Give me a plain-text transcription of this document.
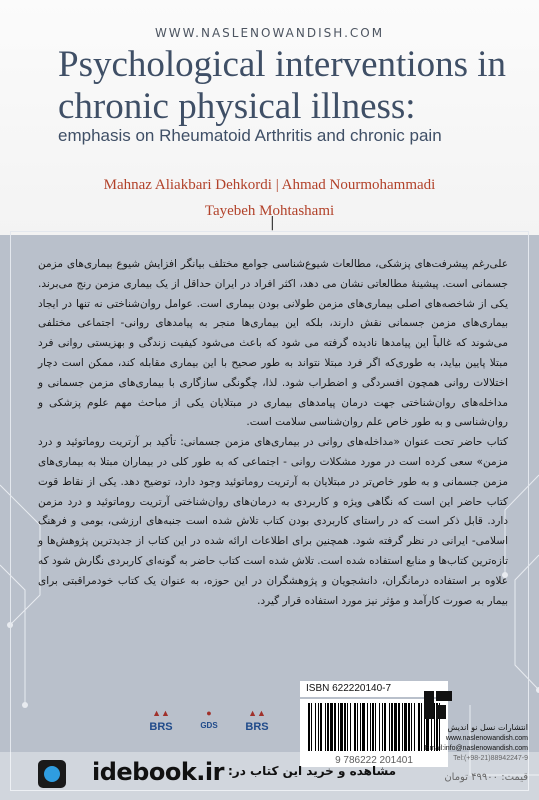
WWW.NASLENOWANDISH.COM
Psychological interventions in chronic physical illness:
emphasis on Rheumatoid Arthritis and chronic pain
Mahnaz Aliakbari Dehkordi | Ahmad Nourmohammadi
Tayebeh Mohtashami
|

علی‌رغم پیشرفت‌های پزشکی، مطالعات شیوع‌شناسی جوامع مختلف بیانگر افزایش شیوع بیماری‌های مزمن جسمانی است. پیشینهٔ مطالعاتی نشان می دهد، اکثر افراد در ایران حداقل از یک بیماری مزمن رنج می‌برند. یکی از شاخصه‌های اصلی بیماری‌های مزمن طولانی بودن بیماری است. عوامل روان‌شناختی نه تنها در ایجاد بیماری‌های مزمن جسمانی نقش دارند، بلکه این بیماری‌ها منجر به پیامدهای روانی- اجتماعی مختلفی می‌شوند که غالباً این پیامدها نادیده گرفته می شود که باعث می‌شود کیفیت زندگی و بهزیستی روانی فرد مبتلا پایین بیاید، به طوری‌که اگر فرد مبتلا نتواند به طور صحیح با این بیماری مقابله کند، ممکن است دچار اختلالات روانی همچون افسردگی و اضطراب شود. لذا، چگونگی سازگاری با بیماری‌های مزمن جسمانی و مداخله‌های روان‌شناختی جهت درمان پیامدهای بیماری در مبتلایان یکی از مباحث مهم علوم پزشکی و روان‌شناسی و به طور خاص علم روان‌شناسی سلامت است.

کتاب حاضر تحت عنوان «مداخله‌های روانی در بیماری‌های مزمن جسمانی: تأکید بر آرتریت روماتوئید و درد مزمن» سعی کرده است در مورد مشکلات روانی - اجتماعی که به طور کلی در بیماران مبتلا به بیماری‌های مزمن جسمانی و به طور خاص‌تر در مبتلایان به آرتریت روماتوئید وجود دارد، توضیح دهد. یکی از نقاط قوت کتاب حاضر این است که نگاهی ویژه و کاربردی به درمان‌های روان‌شناختی آرتریت روماتوئید و درد مزمن دارد. قابل ذکر است که در راستای کاربردی بودن کتاب تلاش شده است جنبه‌های ارزشی، بومی و فرهنگ اسلامی- ایرانی در نظر گرفته شود. همچنین برای اطلاعات ارائه شده در این کتاب از جدیدترین پژوهش‌ها و تازه‌ترین کتاب‌ها و منابع استفاده شده است. تلاش شده است کتاب حاضر به گونه‌ای کاربردی نگارش شود که علاوه بر استفاده درمانگران، دانشجویان و پژوهشگران در این حوزه، به عنوان یک کتاب خودمراقبتی برای بیمار به صورت کارآمد و مؤثر نیز مورد استفاده قرار گیرد.

▲▲
BRS
●
GDS
▲▲
BRS
ISBN 622220140-7
9 786222 201401
انتشارات نسل نو اندیش
www.naslenowandish.com
Email:info@naslenowandish.com
Tel:(+98-21)88942247-9
قیمت: ۴۹۹۰۰ تومان
idebook.ir مشاهده و خرید این کتاب در:
